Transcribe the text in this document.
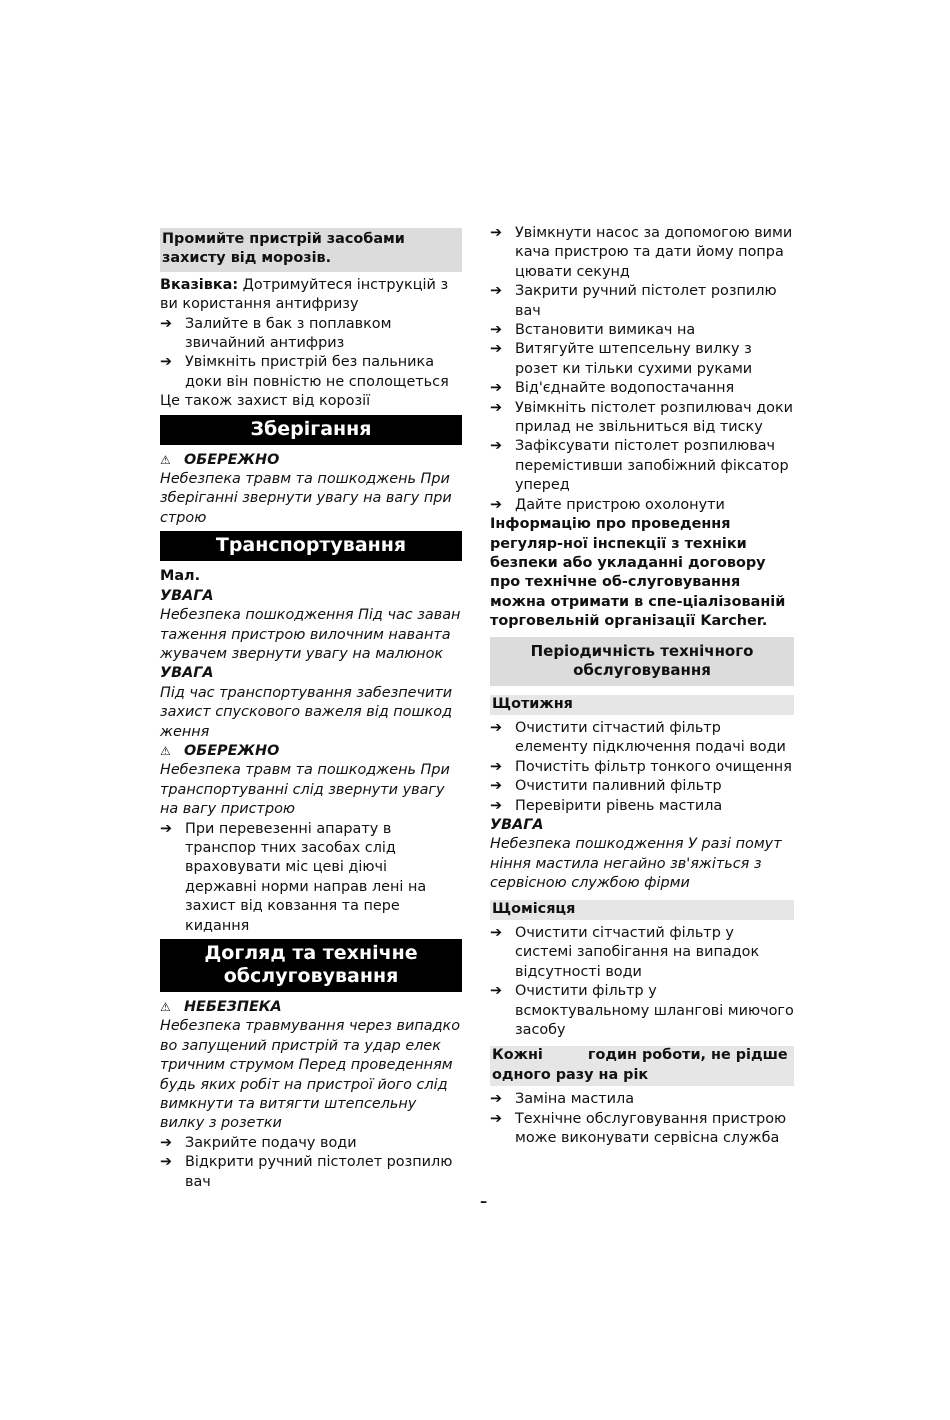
Промийте пристрій засобами захисту від морозів.

Вказівка: Дотримуйтеся інструкцій з ви користання антифризу

➔ Залийте в бак з поплавком звичайний антифриз
➔ Увімкніть пристрій без пальника доки він повністю не сполощеться

Це також захист від корозії

Зберігання

⚠ ОБЕРЕЖНО

Небезпека травм та пошкоджень При зберіганні звернути увагу на вагу при строю

Транспортування

Мал.

УВАГА

Небезпека пошкодження Під час заван таження пристрою вилочним наванта жувачем звернути увагу на малюнок

УВАГА

Під час транспортування забезпечити захист спускового важеля від пошкод ження

⚠ ОБЕРЕЖНО

Небезпека травм та пошкоджень При транспортуванні слід звернути увагу на вагу пристрою

➔ При перевезенні апарату в транспор тних засобах слід враховувати міс цеві діючі державні норми направ лені на захист від ковзання та пере кидання
Догляд та технічне обслуговування

⚠ НЕБЕЗПЕКА

Небезпека травмування через випадко во запущений пристрій та удар елек тричним струмом Перед проведенням будь яких робіт на пристрої його слід вимкнути та витягти штепсельну вилку з розетки

➔ Закрийте подачу води
➔ Відкрити ручний пістолет розпилю вач
➔ Увімкнути насос за допомогою вими кача пристрою та дати йому попра цювати секунд
➔ Закрити ручний пістолет розпилю вач
➔ Встановити вимикач на
➔ Витягуйте штепсельну вилку з розет ки тільки сухими руками
➔ Від'єднайте водопостачання
➔ Увімкніть пістолет розпилювач доки прилад не звільниться від тиску
➔ Зафіксувати пістолет розпилювач перемістивши запобіжний фіксатор уперед
➔ Дайте пристрою охолонути

Інформацію про проведення регуляр-ної інспекції з техніки безпеки або укладанні договору про технічне об-слуговування можна отримати в спе-ціалізованій торговельній організації Karcher.

Періодичність технічного обслуговування
Щотижня
➔ Очистити сітчастий фільтр елементу підключення подачі води
➔ Почистіть фільтр тонкого очищення
➔ Очистити паливний фільтр
➔ Перевірити рівень мастила

УВАГА

Небезпека пошкодження У разі помут ніння мастила негайно зв'яжіться з сервісною службою фірми

Щомісяця
➔ Очистити сітчастий фільтр у системі запобігання на випадок відсутності води
➔ Очистити фільтр у всмоктувальному шлангові миючого засобу
Кожні         годин роботи, не рідше одного разу на рік
➔ Заміна мастила
➔ Технічне обслуговування пристрою може виконувати сервісна служба
–
